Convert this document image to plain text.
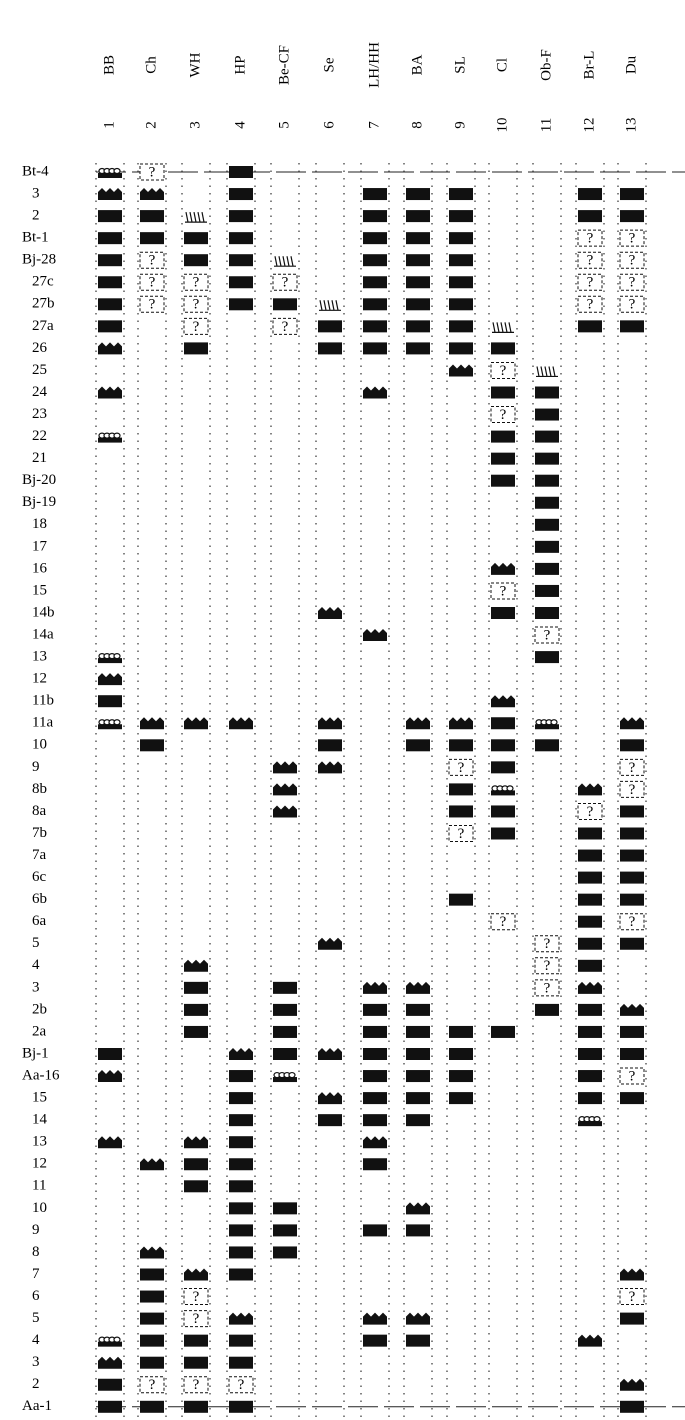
BB
1
Ch
2
WH
3
HP
4
Be-CF
5
Se
6
LH/HH
7
BA
8
SL
9
Cl
10
Ob-F
11
Br-L
12
Du
13
Bt-4
3
2
Bt-1
Bj-28
27c
27b
27a
26
25
24
23
22
21
Bj-20
Bj-19
18
17
16
15
14b
14a
13
12
11b
11a
10
9
8b
8a
7b
7a
6c
6b
6a
5
4
3
2b
2a
Bj-1
Aa-16
15
14
13
12
11
10
9
8
7
6
5
4
3
2
Aa-1
?
?
?
?
?
?
?
?
?
?
?	?
?
?
?
?
?
?
?
?
?
?
?
?
?
?
?
?
?
?
?
?
?
?
?
?
?
?
